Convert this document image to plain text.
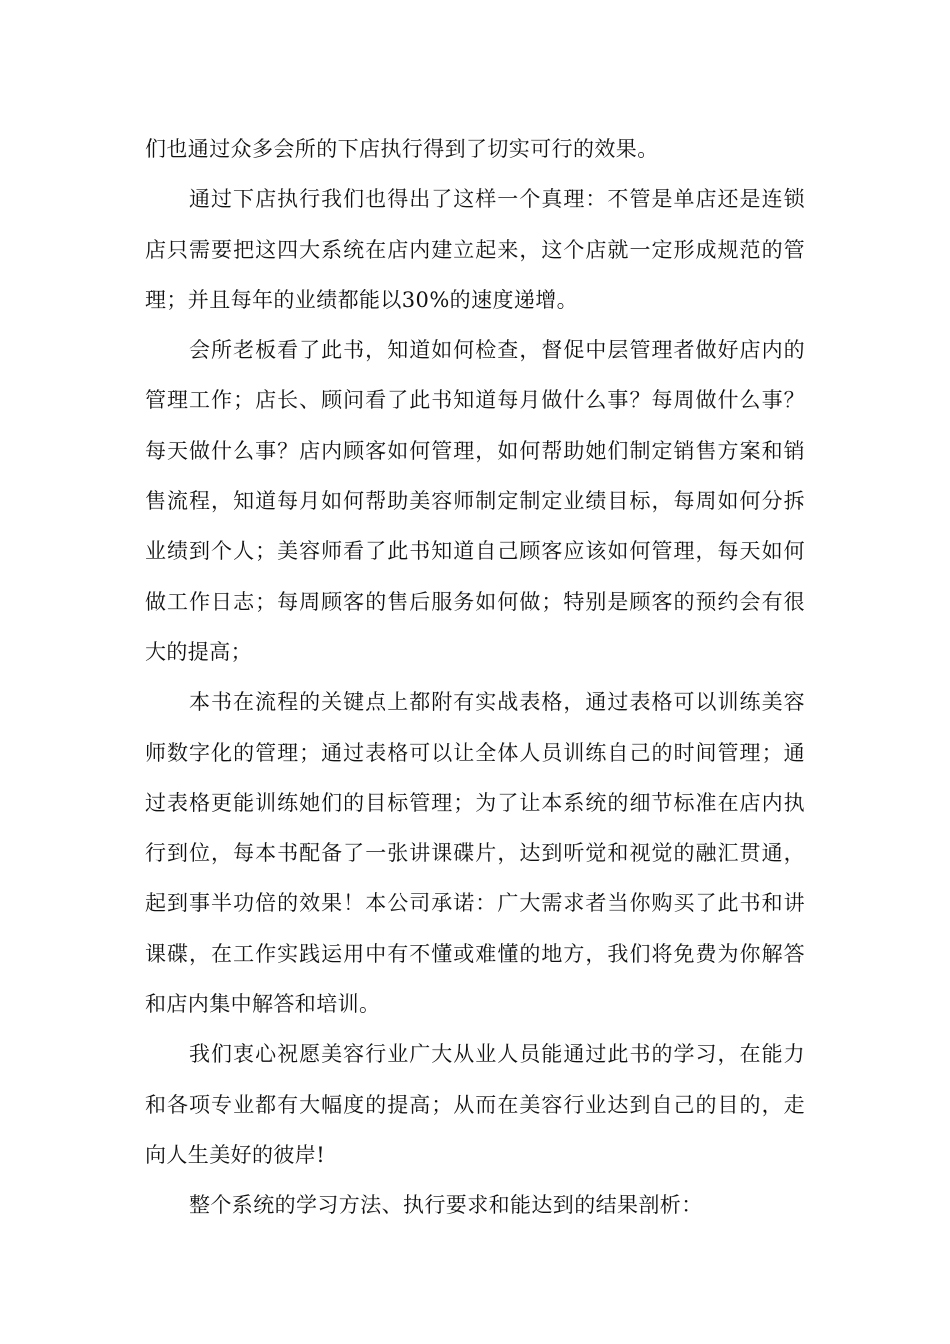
们也通过众多会所的下店执行得到了切实可行的效果。

通过下店执行我们也得出了这样一个真理：不管是单店还是连锁店只需要把这四大系统在店内建立起来，这个店就一定形成规范的管理；并且每年的业绩都能以30%的速度递增。

会所老板看了此书，知道如何检查，督促中层管理者做好店内的管理工作；店长、顾问看了此书知道每月做什么事？每周做什么事？每天做什么事？店内顾客如何管理，如何帮助她们制定销售方案和销售流程，知道每月如何帮助美容师制定制定业绩目标，每周如何分拆业绩到个人；美容师看了此书知道自己顾客应该如何管理，每天如何做工作日志；每周顾客的售后服务如何做；特别是顾客的预约会有很大的提高；

本书在流程的关键点上都附有实战表格，通过表格可以训练美容师数字化的管理；通过表格可以让全体人员训练自己的时间管理；通过表格更能训练她们的目标管理；为了让本系统的细节标准在店内执行到位，每本书配备了一张讲课碟片，达到听觉和视觉的融汇贯通，起到事半功倍的效果！本公司承诺：广大需求者当你购买了此书和讲课碟，在工作实践运用中有不懂或难懂的地方，我们将免费为你解答和店内集中解答和培训。

我们衷心祝愿美容行业广大从业人员能通过此书的学习，在能力和各项专业都有大幅度的提高；从而在美容行业达到自己的目的，走向人生美好的彼岸!

整个系统的学习方法、执行要求和能达到的结果剖析：
